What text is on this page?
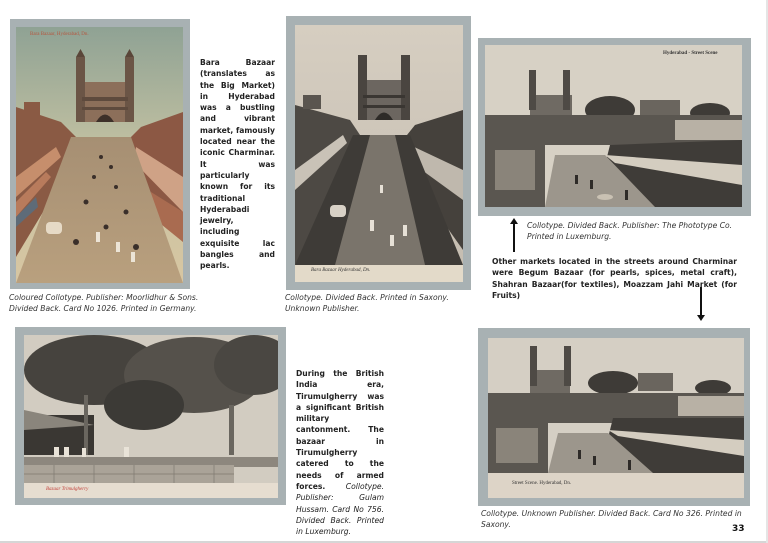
Bara Bazaar, Hyderabad, Dn.
Coloured Collotype. Publisher: Moorlidhur & Sons.
Divided Back. Card No 1026. Printed in Germany.
Bara Bazaar (translates as the Big Market) in Hyderabad was a bustling and vibrant market, famously located near the iconic Charminar. It was particularly known for its traditional Hyderabadi jewelry, including exquisite lac bangles and pearls.
Bara Bazaar Hyderabad, Dn.
Collotype. Divided Back. Printed in Saxony.
Unknown Publisher.
Hyderabad - Street Scene
Collotype. Divided Back. Publisher: The Phototype Co.
Printed in Luxemburg.
Other markets located in the streets around Charminar were Begum Bazaar (for pearls, spices, metal craft), Shahran Bazaar(for textiles), Moazzam Jahi Market (for Fruits)
Bazaar Trimulgherry
During the British India era, Tirumulgherry was a significant British military cantonment. The bazaar in Tirumulgherry catered to the needs of armed forces.	Collotype. Publisher: Gulam Hussam. Card No 756. Divided Back. Printed in Luxemburg.
Street Scene. Hyderabad, Dn.
Collotype. Unknown Publisher. Divided Back. Card No 326. Printed in
Saxony.	33
